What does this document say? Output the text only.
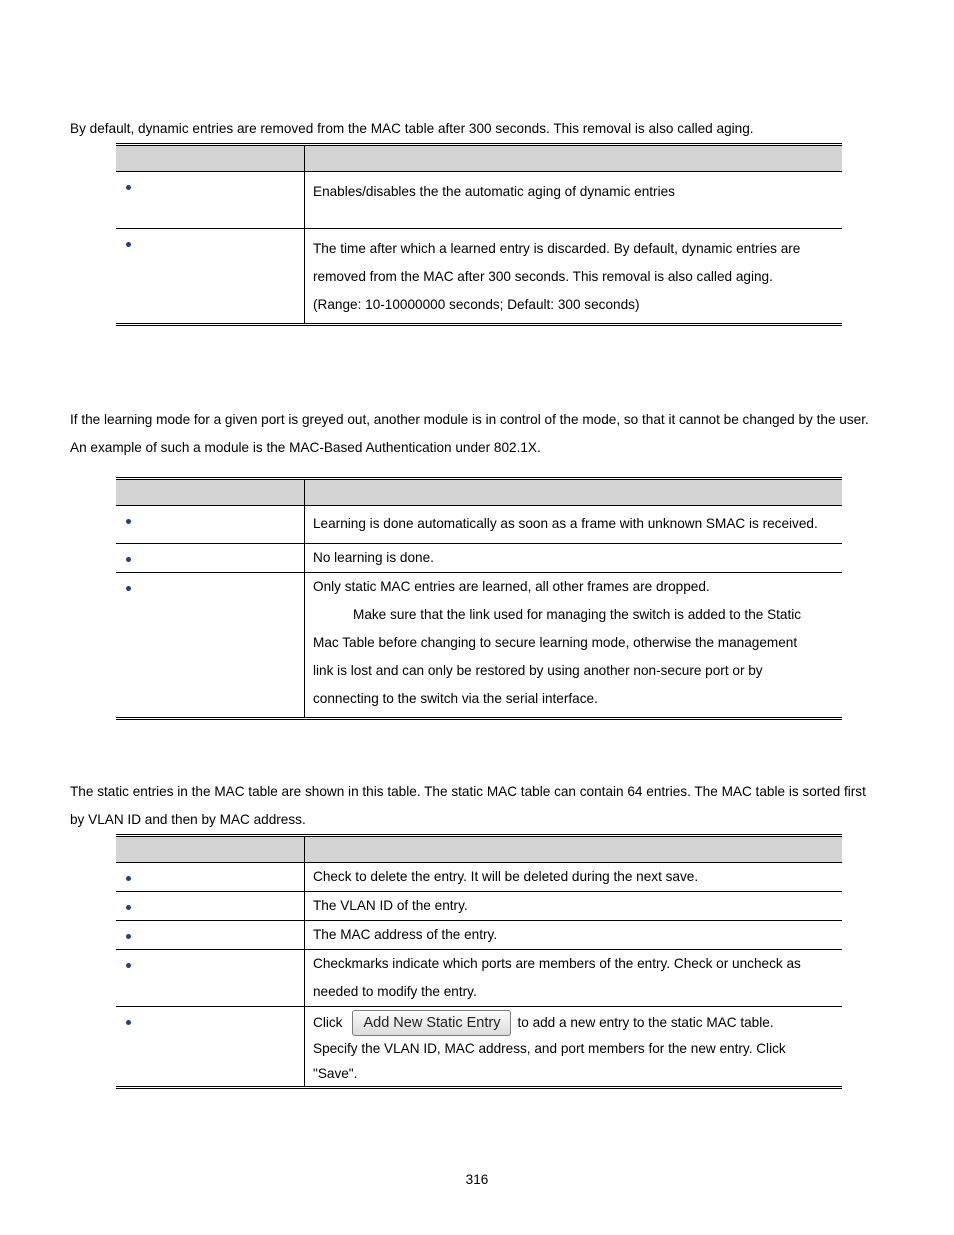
By default, dynamic entries are removed from the MAC table after 300 seconds. This removal is also called aging.

	Enables/disables the the automatic aging of dynamic entries

	The time after which a learned entry is discarded. By default, dynamic entries are
removed from the MAC after 300 seconds. This removal is also called aging.
(Range: 10-10000000 seconds; Default: 300 seconds)

If the learning mode for a given port is greyed out, another module is in control of the mode, so that it cannot be changed by the user.
An example of such a module is the MAC-Based Authentication under 802.1X.

	Learning is done automatically as soon as a frame with unknown SMAC is received.

	No learning is done.

	Only static MAC entries are learned, all other frames are dropped.
Make sure that the link used for managing the switch is added to the Static
Mac Table before changing to secure learning mode, otherwise the management
link is lost and can only be restored by using another non-secure port or by
connecting to the switch via the serial interface.

The static entries in the MAC table are shown in this table. The static MAC table can contain 64 entries. The MAC table is sorted first
by VLAN ID and then by MAC address.

	Check to delete the entry. It will be deleted during the next save.

	The VLAN ID of the entry.

	The MAC address of the entry.

	Checkmarks indicate which ports are members of the entry. Check or uncheck as
needed to modify the entry.

	Click Add New Static Entry to add a new entry to the static MAC table.
Specify the VLAN ID, MAC address, and port members for the new entry. Click
"Save".
316
